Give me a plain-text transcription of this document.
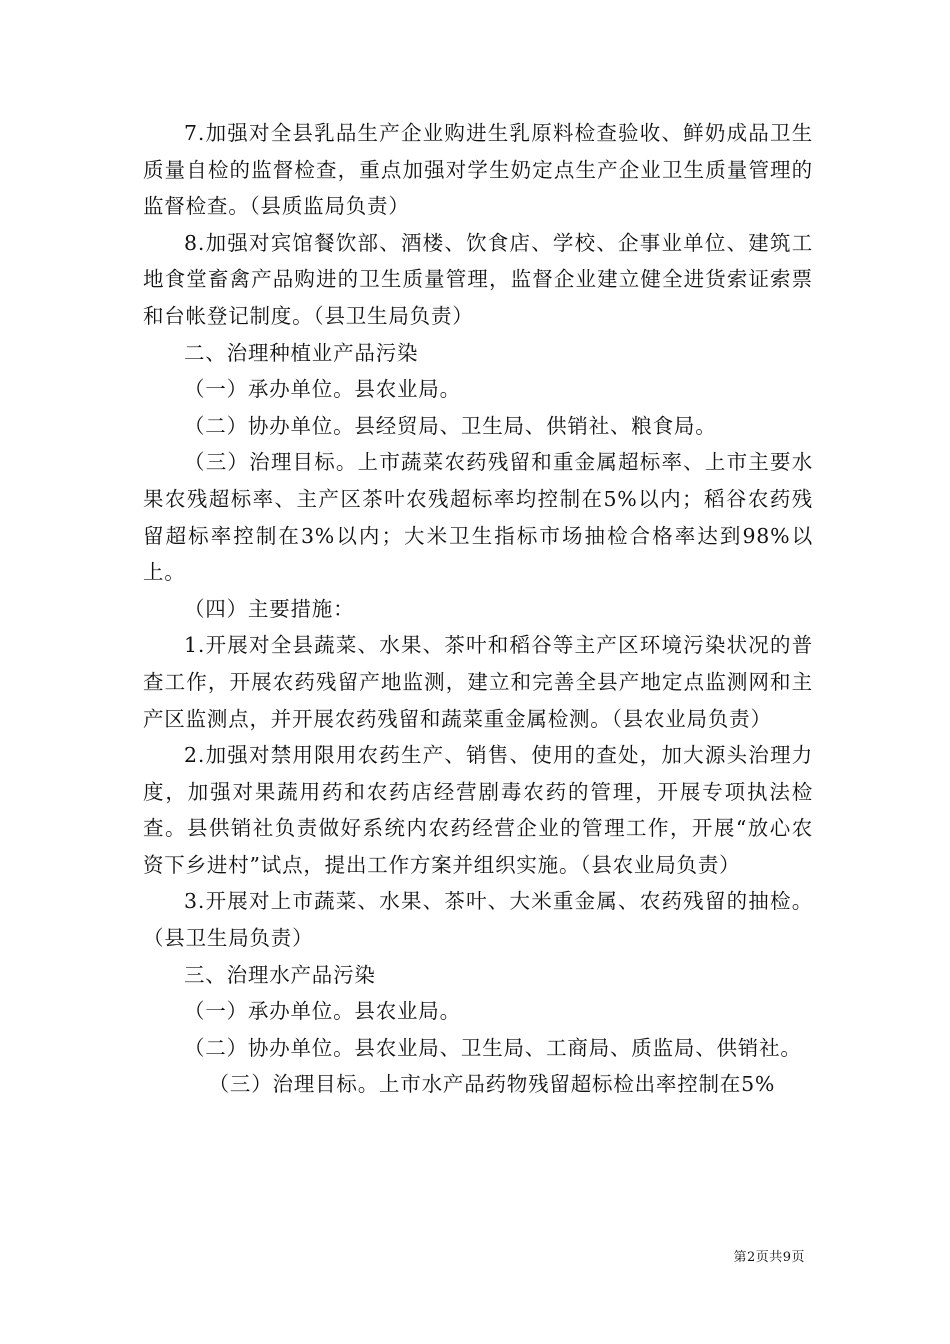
7.加强对全县乳品生产企业购进生乳原料检查验收、鲜奶成品卫生质量自检的监督检查，重点加强对学生奶定点生产企业卫生质量管理的监督检查。（县质监局负责）

8.加强对宾馆餐饮部、酒楼、饮食店、学校、企事业单位、建筑工地食堂畜禽产品购进的卫生质量管理，监督企业建立健全进货索证索票和台帐登记制度。（县卫生局负责）

二、治理种植业产品污染

（一）承办单位。县农业局。

（二）协办单位。县经贸局、卫生局、供销社、粮食局。

（三）治理目标。上市蔬菜农药残留和重金属超标率、上市主要水果农残超标率、主产区茶叶农残超标率均控制在5%以内；稻谷农药残留超标率控制在3%以内；大米卫生指标市场抽检合格率达到98%以上。

（四）主要措施：

1.开展对全县蔬菜、水果、茶叶和稻谷等主产区环境污染状况的普查工作，开展农药残留产地监测，建立和完善全县产地定点监测网和主产区监测点，并开展农药残留和蔬菜重金属检测。（县农业局负责）

2.加强对禁用限用农药生产、销售、使用的查处，加大源头治理力度，加强对果蔬用药和农药店经营剧毒农药的管理，开展专项执法检查。县供销社负责做好系统内农药经营企业的管理工作，开展“放心农资下乡进村”试点，提出工作方案并组织实施。（县农业局负责）

3.开展对上市蔬菜、水果、茶叶、大米重金属、农药残留的抽检。（县卫生局负责）

三、治理水产品污染

（一）承办单位。县农业局。

（二）协办单位。县农业局、卫生局、工商局、质监局、供销社。

（三）治理目标。上市水产品药物残留超标检出率控制在5%

第2页共9页
